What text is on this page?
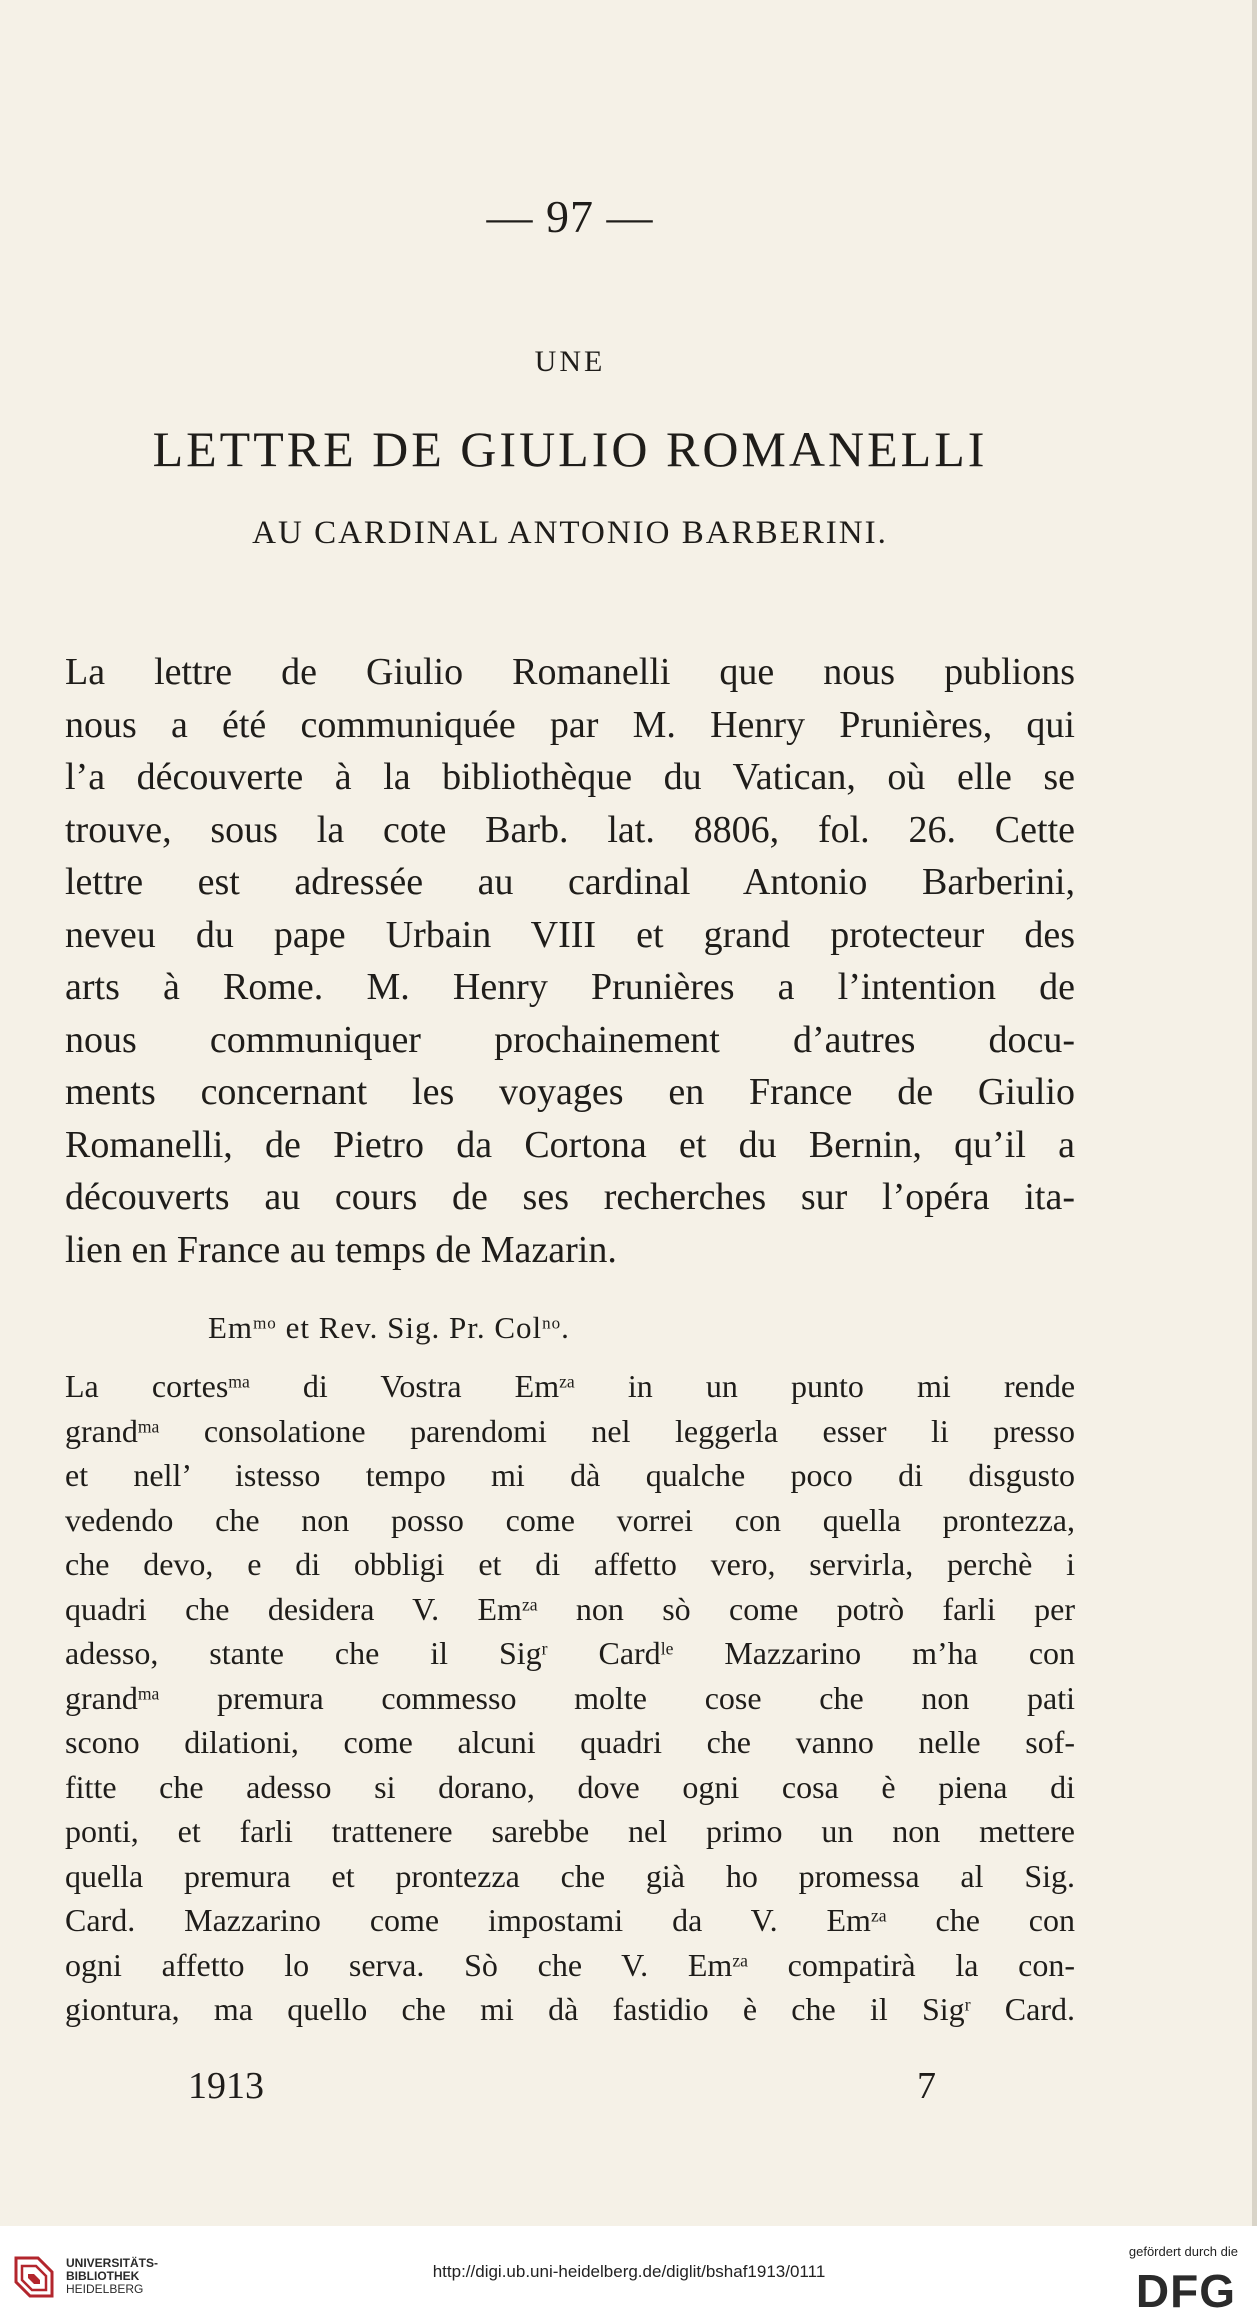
— 97 —
UNE
LETTRE DE GIULIO ROMANELLI
AU CARDINAL ANTONIO BARBERINI.
La lettre de Giulio Romanelli que nous publions
nous a été communiquée par M. Henry Prunières, qui
l’a découverte à la bibliothèque du Vatican, où elle se
trouve, sous la cote Barb. lat. 8806, fol. 26. Cette
lettre est adressée au cardinal Antonio Barberini,
neveu du pape Urbain VIII et grand protecteur des
arts à Rome. M. Henry Prunières a l’intention de
nous communiquer prochainement d’autres docu-
ments concernant les voyages en France de Giulio
Romanelli, de Pietro da Cortona et du Bernin, qu’il a
découverts au cours de ses recherches sur l’opéra ita-
lien en France au temps de Mazarin.
$Em^{mo}$ et Rev. Sig. Pr. Col$^{no}$.
La cortes$^{ma}$ di Vostra $Em^{za}$ in un punto mi rende
grand$^{ma}$ consolatione parendomi nel leggerla esser li presso
et nell’ istesso tempo mi dà qualche poco di disgusto
vedendo che non posso come vorrei con quella prontezza,
che devo, e di obbligi et di affetto vero, servirla, perchè i
quadri che desidera V. $Em^{za}$ non sò come potrò farli per
adesso, stante che il Sig$^r$ Card$^{le}$ Mazzarino m’ha con
grand$^{ma}$ premura commesso molte cose che non pati
scono dilationi, come alcuni quadri che vanno nelle sof-
fitte che adesso si dorano, dove ogni cosa è piena di
ponti, et farli trattenere sarebbe nel primo un non mettere
quella premura et prontezza che già ho promessa al Sig.
Card. Mazzarino come impostami da V. $Em^{za}$ che con
ogni affetto lo serva. Sò che V. $Em^{za}$ compatirà la con-
giontura, ma quello che mi dà fastidio è che il Sig$^r$ Card.
1913	7
UNIVERSITÄTS-
BIBLIOTHEK
HEIDELBERG
http://digi.ub.uni-heidelberg.de/diglit/bshaf1913/0111
gefördert durch die
DFG
